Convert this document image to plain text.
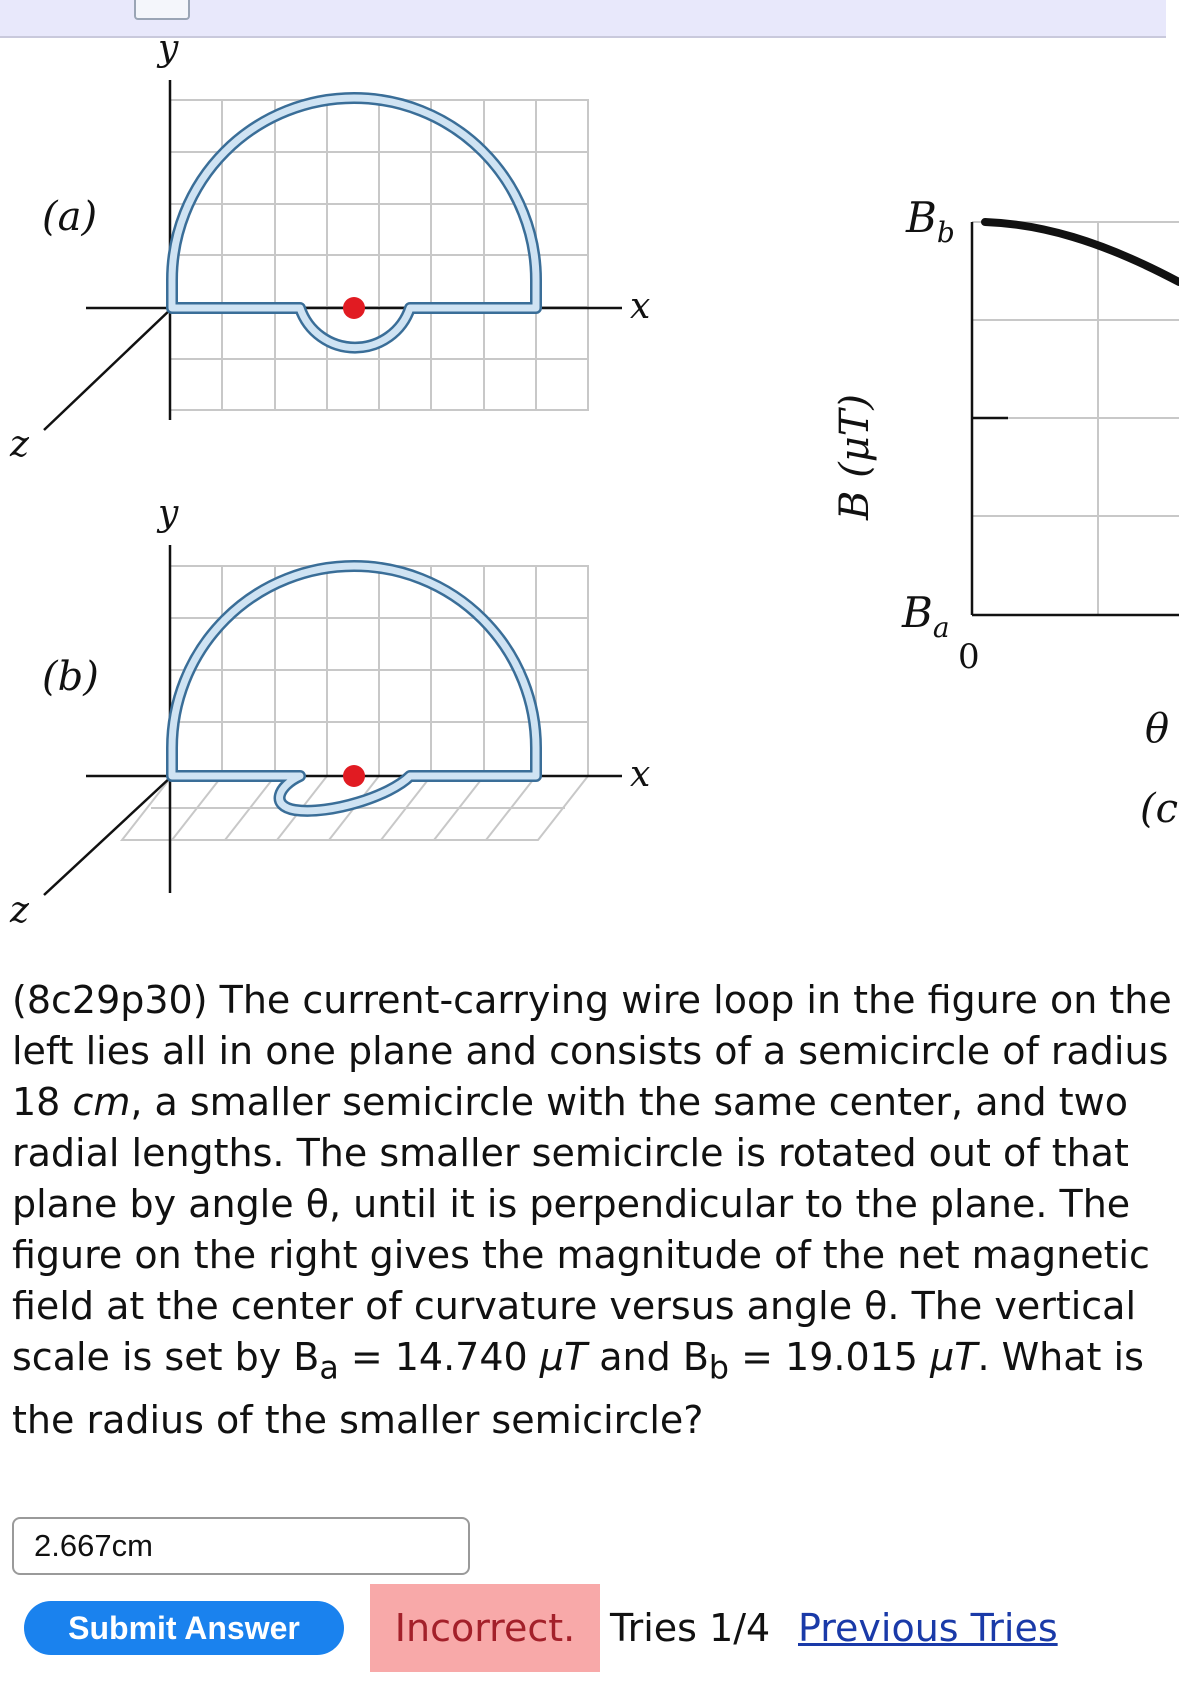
(a)
y
x
z
(b)
y
x
z
B (μT)
$B_b$
$B_a$
0
θ
(c
(8c29p30) The current-carrying wire loop in the figure on the left lies all in one plane and consists of a semicircle of radius 18 cm, a smaller semicircle with the same center, and two radial lengths. The smaller semicircle is rotated out of that plane by angle θ, until it is perpendicular to the plane. The figure on the right gives the magnitude of the net magnetic field at the center of curvature versus angle θ. The vertical scale is set by $B_a = 14.740$ μT and $B_b = 19.015$ μT. What is the radius of the smaller semicircle?
2.667cm
Submit Answer	Incorrect. Tries 1/4 Previous Tries
